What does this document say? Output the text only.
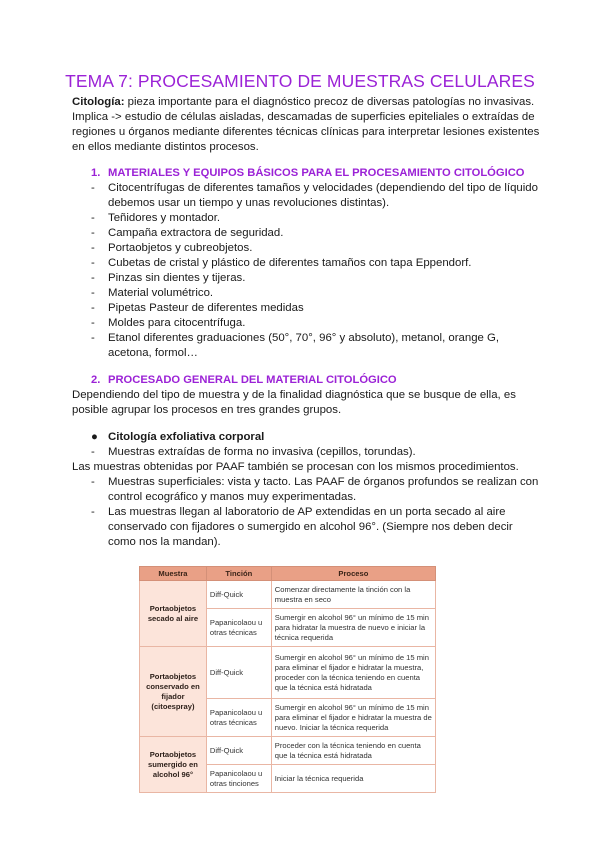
TEMA 7: PROCESAMIENTO DE MUESTRAS CELULARES

Citología: pieza importante para el diagnóstico precoz de diversas patologías no invasivas.

Implica -> estudio de células aisladas, descamadas de superficies epiteliales o extraídas de

regiones u órganos mediante diferentes técnicas clínicas para interpretar lesiones existentes

en ellos mediante distintos procesos.

1. MATERIALES Y EQUIPOS BÁSICOS PARA EL PROCESAMIENTO CITOLÓGICO
- Citocentrífugas de diferentes tamaños y velocidades (dependiendo del tipo de líquido debemos usar un tiempo y unas revoluciones distintas).
- Teñidores y montador.
- Campaña extractora de seguridad.
- Portaobjetos y cubreobjetos.
- Cubetas de cristal y plástico de diferentes tamaños con tapa Eppendorf.
- Pinzas sin dientes y tijeras.
- Material volumétrico.
- Pipetas Pasteur de diferentes medidas
- Moldes para citocentrífuga.
- Etanol diferentes graduaciones (50°, 70°, 96° y absoluto), metanol, orange G, acetona, formol…
2. PROCESADO GENERAL DEL MATERIAL CITOLÓGICO

Dependiendo del tipo de muestra y de la finalidad diagnóstica que se busque de ella, es

posible agrupar los procesos en tres grandes grupos.

● Citología exfoliativa corporal
- Muestras extraídas de forma no invasiva (cepillos, torundas).

Las muestras obtenidas por PAAF también se procesan con los mismos procedimientos.

- Muestras superficiales: vista y tacto. Las PAAF de órganos profundos se realizan con control ecográfico y manos muy experimentadas.
- Las muestras llegan al laboratorio de AP extendidas en un porta secado al aire conservado con fijadores o sumergido en alcohol 96°. (Siempre nos deben decir como nos la mandan).
Muestra	Tinción	Proceso
Portaobjetos secado al aire	Diff-Quick	Comenzar directamente la tinción con la muestra en seco
	Papanicolaou u otras técnicas	Sumergir en alcohol 96° un mínimo de 15 min para hidratar la muestra de nuevo e iniciar la técnica requerida
Portaobjetos conservado en fijador (citoespray)	Diff-Quick	Sumergir en alcohol 96° un mínimo de 15 min para eliminar el fijador e hidratar la muestra, proceder con la técnica teniendo en cuenta que la técnica está hidratada
	Papanicolaou u otras técnicas	Sumergir en alcohol 96° un mínimo de 15 min para eliminar el fijador e hidratar la muestra de nuevo. Iniciar la técnica requerida
Portaobjetos sumergido en alcohol 96°	Diff-Quick	Proceder con la técnica teniendo en cuenta que la técnica está hidratada
	Papanicolaou u otras tinciones	Iniciar la técnica requerida
